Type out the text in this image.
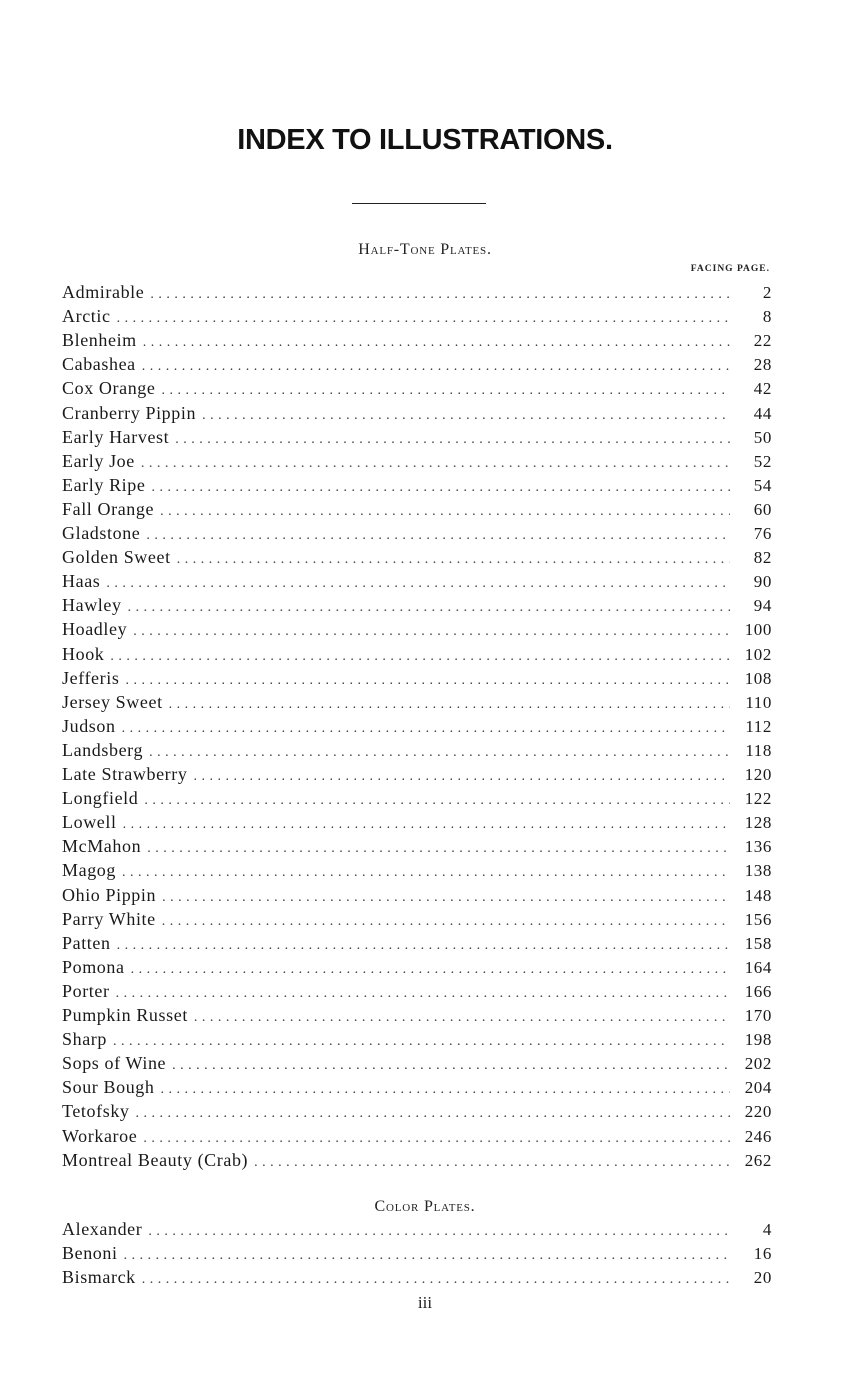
INDEX TO ILLUSTRATIONS.
Half-Tone Plates.
FACING PAGE.
Admirable . . .	2
Arctic . . .	8
Blenheim . . .	22
Cabashea . . .	28
Cox Orange . . .	42
Cranberry Pippin . . .	44
Early Harvest . . .	50
Early Joe . . .	52
Early Ripe . . .	54
Fall Orange . . .	60
Gladstone . . .	76
Golden Sweet . . .	82
Haas . . .	90
Hawley . . .	94
Hoadley . . .	100
Hook . . .	102
Jefferis . . .	108
Jersey Sweet . . .	110
Judson . . .	112
Landsberg . . .	118
Late Strawberry . . .	120
Longfield . . .	122
Lowell . . .	128
McMahon . . .	136
Magog . . .	138
Ohio Pippin . . .	148
Parry White . . .	156
Patten . . .	158
Pomona . . .	164
Porter . . .	166
Pumpkin Russet . . .	170
Sharp . . .	198
Sops of Wine . . .	202
Sour Bough . . .	204
Tetofsky . . .	220
Workaroe . . .	246
Montreal Beauty (Crab) . . .	262
Color Plates.
Alexander . . .	4
Benoni . . .	16
Bismarck . . .	20
iii
